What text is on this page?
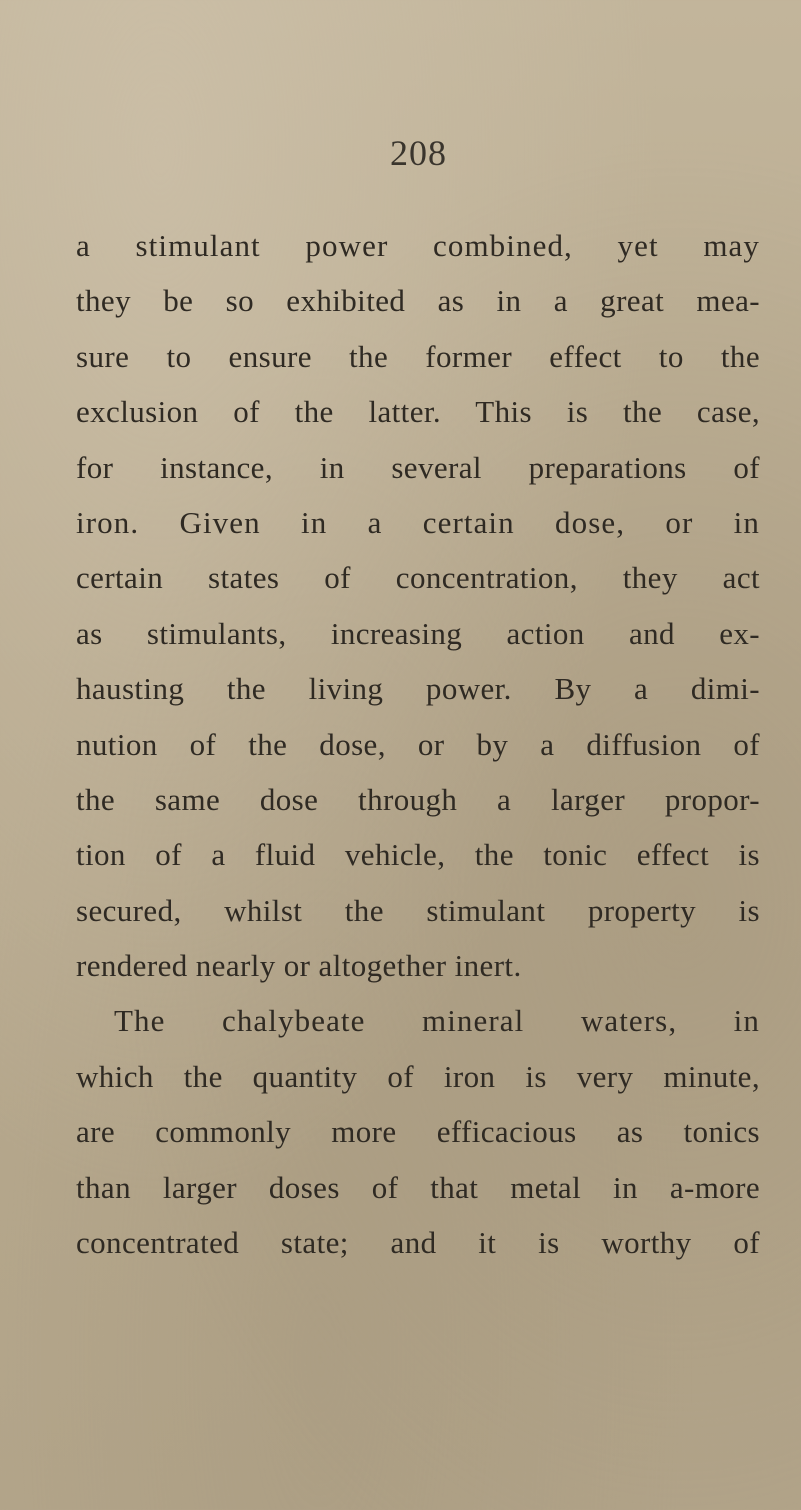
208
a stimulant power combined, yet may
they be so exhibited as in a great mea-
sure to ensure the former effect to the
exclusion of the latter. This is the case,
for instance, in several preparations of
iron. Given in a certain dose, or in
certain states of concentration, they act
as stimulants, increasing action and ex-
hausting the living power. By a dimi-
nution of the dose, or by a diffusion of
the same dose through a larger propor-
tion of a fluid vehicle, the tonic effect is
secured, whilst the stimulant property is
rendered nearly or altogether inert.
The chalybeate mineral waters, in
which the quantity of iron is very minute,
are commonly more efficacious as tonics
than larger doses of that metal in a-more
concentrated state; and it is worthy of
